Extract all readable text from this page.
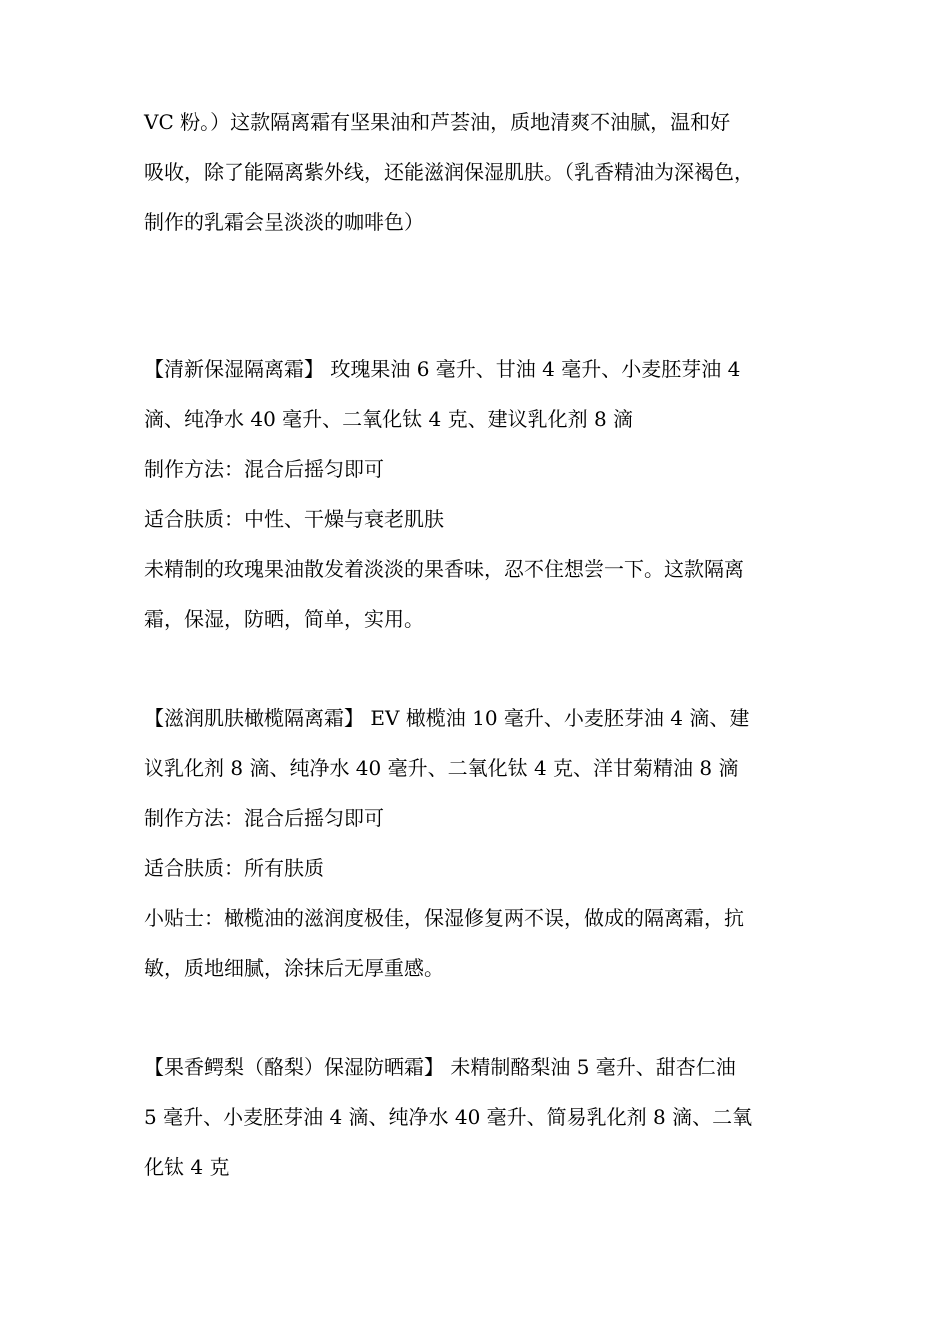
VC 粉。）这款隔离霜有坚果油和芦荟油，质地清爽不油腻，温和好
吸收，除了能隔离紫外线，还能滋润保湿肌肤。（乳香精油为深褐色，
制作的乳霜会呈淡淡的咖啡色）
【清新保湿隔离霜】 玫瑰果油 6 毫升、甘油 4 毫升、小麦胚芽油 4
滴、纯净水 40 毫升、二氧化钛 4 克、建议乳化剂 8 滴
制作方法：混合后摇匀即可
适合肤质：中性、干燥与衰老肌肤
未精制的玫瑰果油散发着淡淡的果香味，忍不住想尝一下。这款隔离
霜，保湿，防晒，简单，实用。
【滋润肌肤橄榄隔离霜】 EV 橄榄油 10 毫升、小麦胚芽油 4 滴、建
议乳化剂 8 滴、纯净水 40 毫升、二氧化钛 4 克、洋甘菊精油 8 滴
制作方法：混合后摇匀即可
适合肤质：所有肤质
小贴士：橄榄油的滋润度极佳，保湿修复两不误，做成的隔离霜，抗
敏，质地细腻，涂抹后无厚重感。
【果香鳄梨（酪梨）保湿防晒霜】 未精制酪梨油 5 毫升、甜杏仁油
5 毫升、小麦胚芽油 4 滴、纯净水 40 毫升、简易乳化剂 8 滴、二氧
化钛 4 克
